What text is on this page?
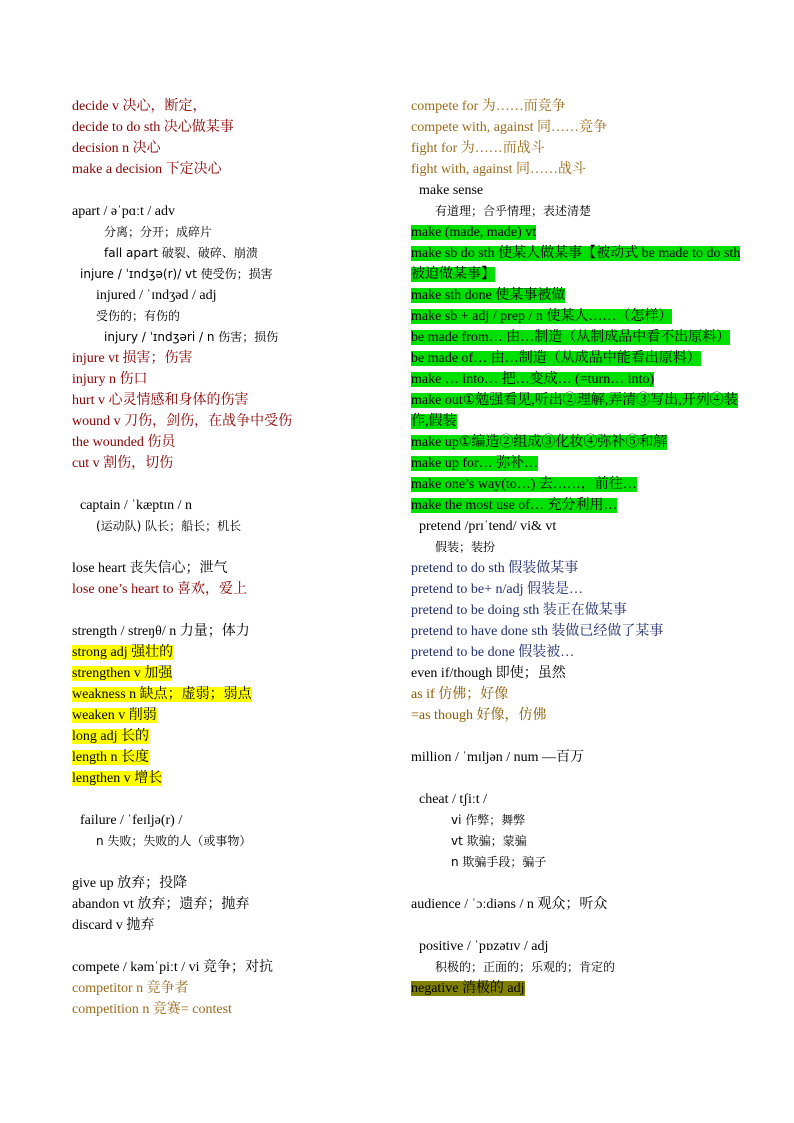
decide v 决心，断定，
decide to do sth 决心做某事
decision n 决心
make a decision 下定决心
apart / əˈpɑːt / adv
分离；分开；成碎片
fall apart 破裂、破碎、崩溃
injure / ˈɪndʒə(r)/ vt 使受伤；损害
injured / ˈɪndʒəd / adj
受伤的；有伤的
injury / ˈɪndʒəri / n 伤害；损伤
injure vt 损害；伤害
injury n 伤口
hurt v 心灵情感和身体的伤害
wound v 刀伤，剑伤，在战争中受伤
the wounded 伤员
cut v 割伤，切伤
captain / ˈkæptɪn / n
(运动队) 队长；船长；机长
lose heart 丧失信心；泄气
lose one’s heart to 喜欢，爱上
strength / streŋθ/ n 力量；体力
strong adj 强壮的
strengthen v 加强
weakness n 缺点；虚弱；弱点
weaken v 削弱
long adj 长的
length n 长度
lengthen v 增长
failure / ˈfeɪljə(r) /
n 失败；失败的人（或事物）
give up 放弃；投降
abandon vt 放弃；遗弃；抛弃
discard v 抛弃
compete / kəmˈpiːt / vi 竞争；对抗
competitor n 竞争者
competition n 竞赛= contest
compete for 为……而竞争
compete with, against 同……竞争
fight for 为……而战斗
fight with, against 同……战斗
make sense
有道理；合乎情理；表述清楚
make (made, made) vt
make sb do sth 使某人做某事【被动式 be made to do sth 被迫做某事】
make sth done 使某事被做
make sb + adj / prep / n 使某人……（怎样）
be made from… 由…制造（从制成品中看不出原料）
be made of… 由…制造（从成品中能看出原料）
make … into… 把…变成… (=turn… into)
make out①勉强看见,听出②理解,弄清③写出,开列④装作,假装
make up①编造②组成③化妆④弥补⑤和解
make up for… 弥补…
make one’s way(to…) 去……，前往…
make the most use of… 充分利用…
pretend /prɪˈtend/ vi& vt
假装；装扮
pretend to do sth 假装做某事
pretend to be+ n/adj 假装是…
pretend to be doing sth 装正在做某事
pretend to have done sth 装做已经做了某事
pretend to be done 假装被…
even if/though 即使；虽然
as if 仿佛；好像
=as though 好像，仿佛
million / ˈmɪljən / num —百万
cheat / tʃiːt /
vi 作弊；舞弊
vt 欺骗；蒙骗
n 欺骗手段；骗子
audience / ˈɔːdiəns / n 观众；听众
positive / ˈpɒzətɪv / adj
积极的；正面的；乐观的；肯定的
negative 消极的 adj
